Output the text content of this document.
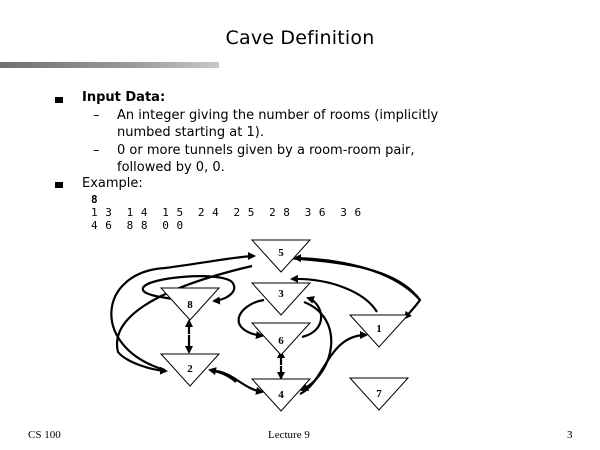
Cave Definition
Input Data:
– An integer giving the number of rooms (implicitly
numbed starting at 1).
– 0 or more tunnels given by a room-room pair,
followed by 0, 0.
Example:
8
1 3  1 4  1 5  2 4  2 5  2 8  3 6  3 6
4 6  8 8  0 0
5
3
8
6
1
2
4	7
CS 100	Lecture 9	3
